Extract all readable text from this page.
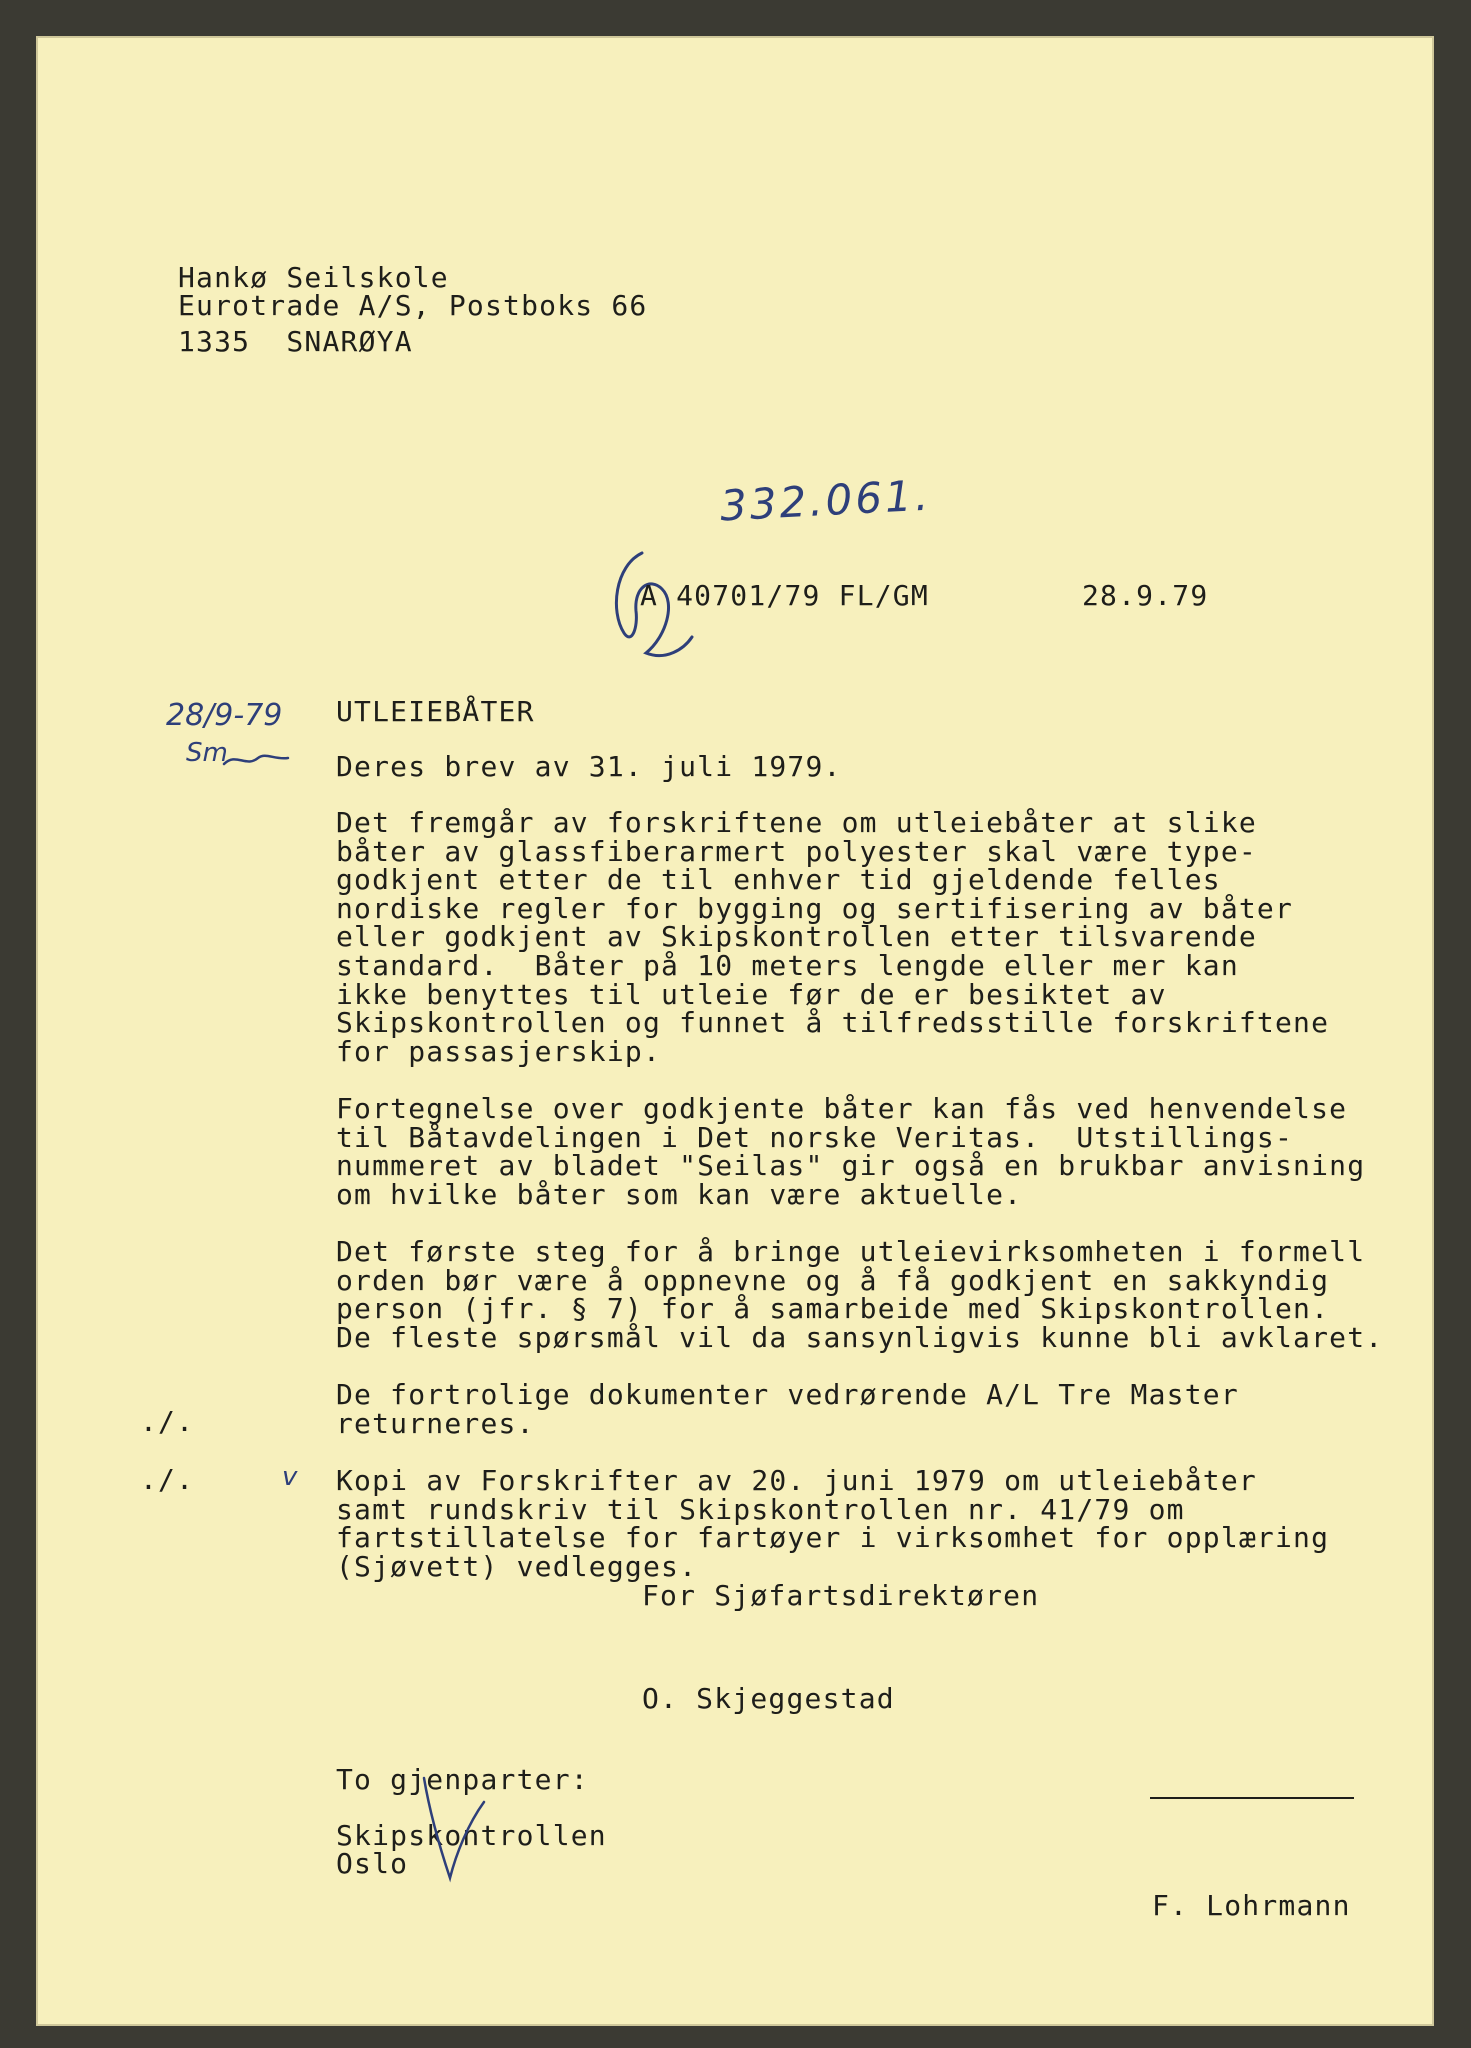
Hankø Seilskole
Eurotrade A/S, Postboks 66
1335  SNARØYA
332.061.
A 40701/79 FL/GM	28.9.79
28/9-79
Sm
UTLEIEBÅTER
Deres brev av 31. juli 1979.
Det fremgår av forskriftene om utleiebåter at slike
båter av glassfiberarmert polyester skal være type-
godkjent etter de til enhver tid gjeldende felles
nordiske regler for bygging og sertifisering av båter
eller godkjent av Skipskontrollen etter tilsvarende
standard.  Båter på 10 meters lengde eller mer kan
ikke benyttes til utleie før de er besiktet av
Skipskontrollen og funnet å tilfredsstille forskriftene
for passasjerskip.
Fortegnelse over godkjente båter kan fås ved henvendelse
til Båtavdelingen i Det norske Veritas.  Utstillings-
nummeret av bladet "Seilas" gir også en brukbar anvisning
om hvilke båter som kan være aktuelle.
Det første steg for å bringe utleievirksomheten i formell
orden bør være å oppnevne og å få godkjent en sakkyndig
person (jfr. § 7) for å samarbeide med Skipskontrollen.
De fleste spørsmål vil da sansynligvis kunne bli avklaret.
./.
De fortrolige dokumenter vedrørende A/L Tre Master
returneres.
./.	v Kopi av Forskrifter av 20. juni 1979 om utleiebåter
samt rundskriv til Skipskontrollen nr. 41/79 om
fartstillatelse for fartøyer i virksomhet for opplæring
(Sjøvett) vedlegges.
For Sjøfartsdirektøren
O. Skjeggestad
To gjenparter:
Skipskontrollen
Oslo
F. Lohrmann
